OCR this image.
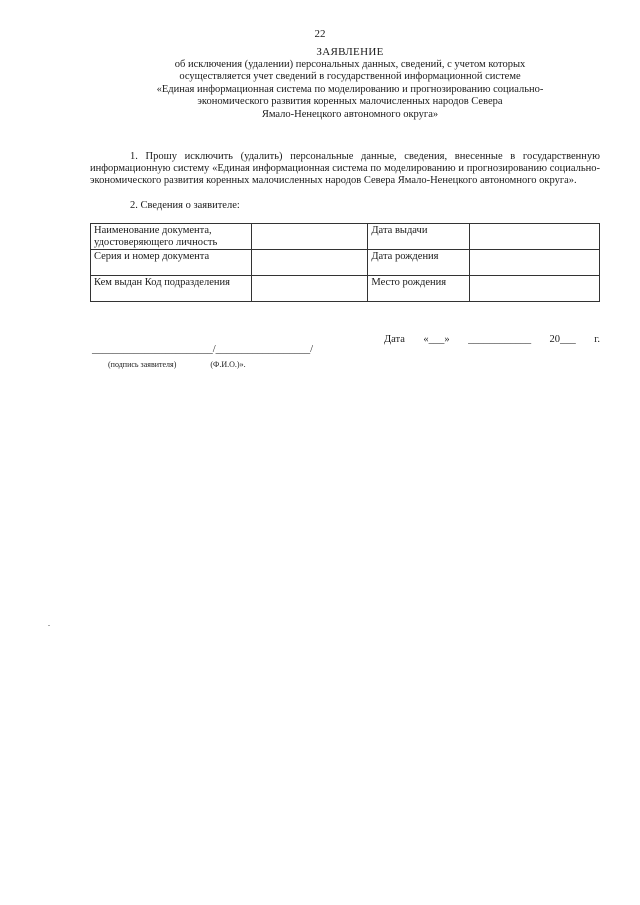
22
ЗАЯВЛЕНИЕ
об исключения (удалении) персональных данных, сведений, с учетом которых
осуществляется учет сведений в государственной информационной системе
«Единая информационная система по моделированию и прогнозированию социально-
экономического развития коренных малочисленных народов Севера
Ямало-Ненецкого автономного округа»
1. Прошу исключить (удалить) персональные данные, сведения, внесенные в государственную информационную систему «Единая информационная система по моделированию и прогнозированию социально-экономического развития коренных малочисленных народов Севера Ямало-Ненецкого автономного округа».
2. Сведения о заявителе:
Наименование документа, удостоверяющего личность		Дата выдачи	
Серия и номер документа		Дата рождения	
Кем выдан Код подразделения		Место рождения	
Дата «___» ____________ 20___ г.
_______________________/__________________/
(подпись заявителя)	(Ф.И.О.)».
